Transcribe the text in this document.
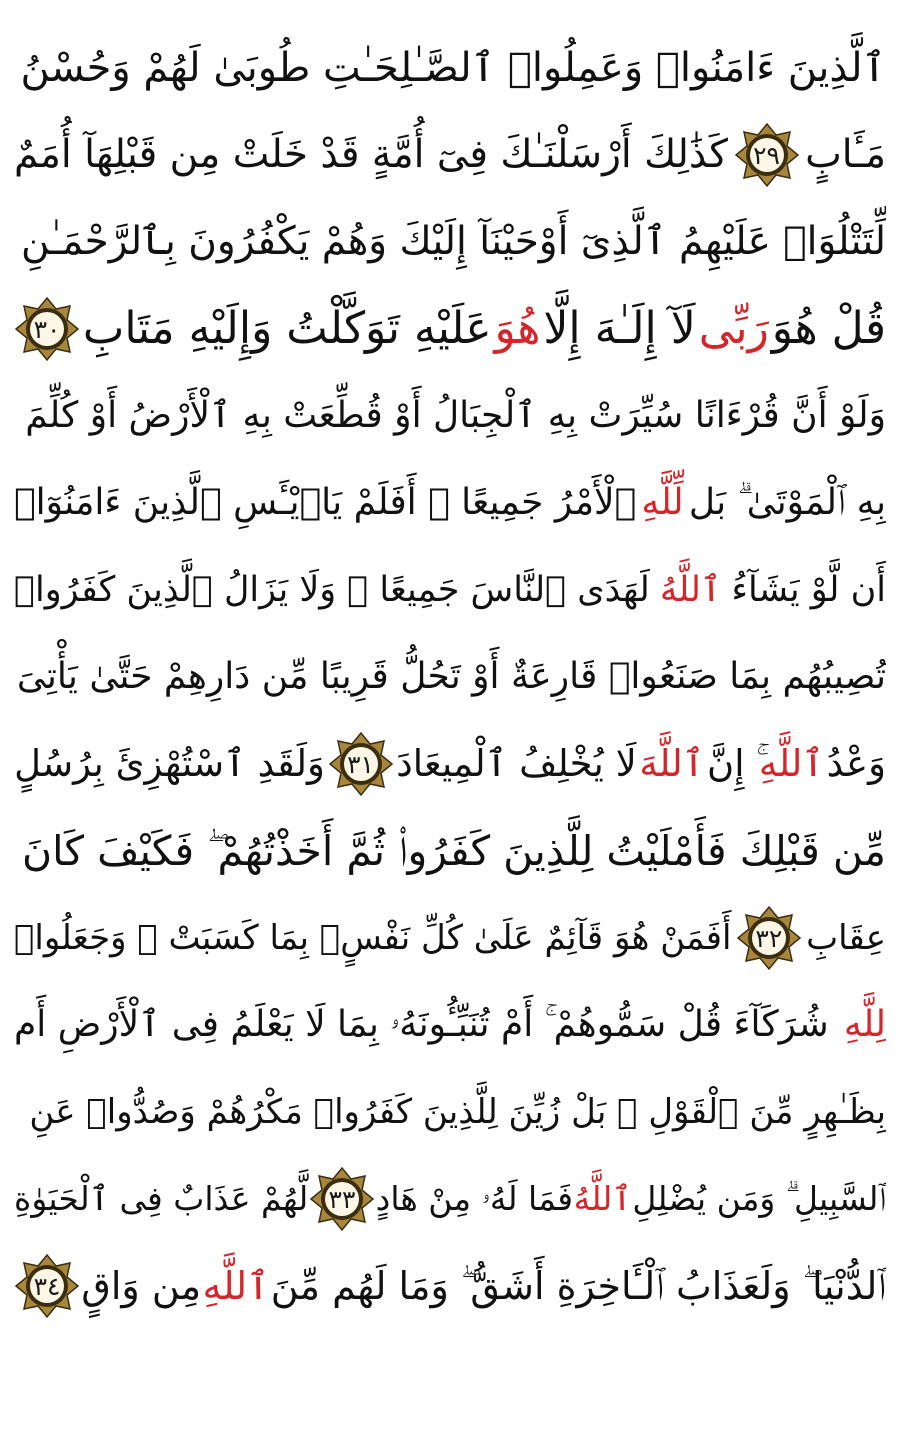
ٱلَّذِينَ ءَامَنُوا۟ وَعَمِلُوا۟ ٱلصَّـٰلِحَـٰتِ طُوبَىٰ لَهُمْ وَحُسْنُ
مَـَٔابٍ
٢٩
كَذَٰلِكَ أَرْسَلْنَـٰكَ فِىٓ أُمَّةٍ قَدْ خَلَتْ مِن قَبْلِهَآ أُمَمٌ
لِّتَتْلُوَا۟ عَلَيْهِمُ ٱلَّذِىٓ أَوْحَيْنَآ إِلَيْكَ وَهُمْ يَكْفُرُونَ بِٱلرَّحْمَـٰنِ
قُلْ هُوَ
رَبِّى
لَآ إِلَـٰهَ إِلَّا
هُوَ
عَلَيْهِ تَوَكَّلْتُ وَإِلَيْهِ مَتَابِ
٣٠
وَلَوْ أَنَّ قُرْءَانًا سُيِّرَتْ بِهِ ٱلْجِبَالُ أَوْ قُطِّعَتْ بِهِ ٱلْأَرْضُ أَوْ كُلِّمَ
بِهِ ٱلْمَوْتَىٰ ۗ بَل
لِّلَّهِ
ٱلْأَمْرُ جَمِيعًا ۗ أَفَلَمْ يَا۟يْـَٔسِ ٱلَّذِينَ ءَامَنُوٓا۟
أَن لَّوْ يَشَآءُ
ٱللَّهُ
لَهَدَى ٱلنَّاسَ جَمِيعًا ۗ وَلَا يَزَالُ ٱلَّذِينَ كَفَرُوا۟
تُصِيبُهُم بِمَا صَنَعُوا۟ قَارِعَةٌ أَوْ تَحُلُّ قَرِيبًا مِّن دَارِهِمْ حَتَّىٰ يَأْتِىَ
وَعْدُ
ٱللَّهِ
ۚ إِنَّ
ٱللَّهَ
لَا يُخْلِفُ ٱلْمِيعَادَ
٣١
وَلَقَدِ ٱسْتُهْزِئَ بِرُسُلٍ
مِّن قَبْلِكَ فَأَمْلَيْتُ لِلَّذِينَ كَفَرُوا۟ ثُمَّ أَخَذْتُهُمْ ۖ فَكَيْفَ كَانَ
عِقَابِ
٣٢
أَفَمَنْ هُوَ قَآئِمٌ عَلَىٰ كُلِّ نَفْسٍۭ بِمَا كَسَبَتْ ۗ وَجَعَلُوا۟
لِلَّهِ
شُرَكَآءَ قُلْ سَمُّوهُمْ ۚ أَمْ تُنَبِّـُٔونَهُۥ بِمَا لَا يَعْلَمُ فِى ٱلْأَرْضِ أَم
بِظَـٰهِرٍ مِّنَ ٱلْقَوْلِ ۗ بَلْ زُيِّنَ لِلَّذِينَ كَفَرُوا۟ مَكْرُهُمْ وَصُدُّوا۟ عَنِ
ٱلسَّبِيلِ ۗ وَمَن يُضْلِلِ
ٱللَّهُ
فَمَا لَهُۥ مِنْ هَادٍ
٣٣
لَّهُمْ عَذَابٌ فِى ٱلْحَيَوٰةِ
ٱلدُّنْيَا ۖ وَلَعَذَابُ ٱلْـَٔاخِرَةِ أَشَقُّ ۖ وَمَا لَهُم مِّنَ
ٱللَّهِ
مِن وَاقٍ
٣٤
